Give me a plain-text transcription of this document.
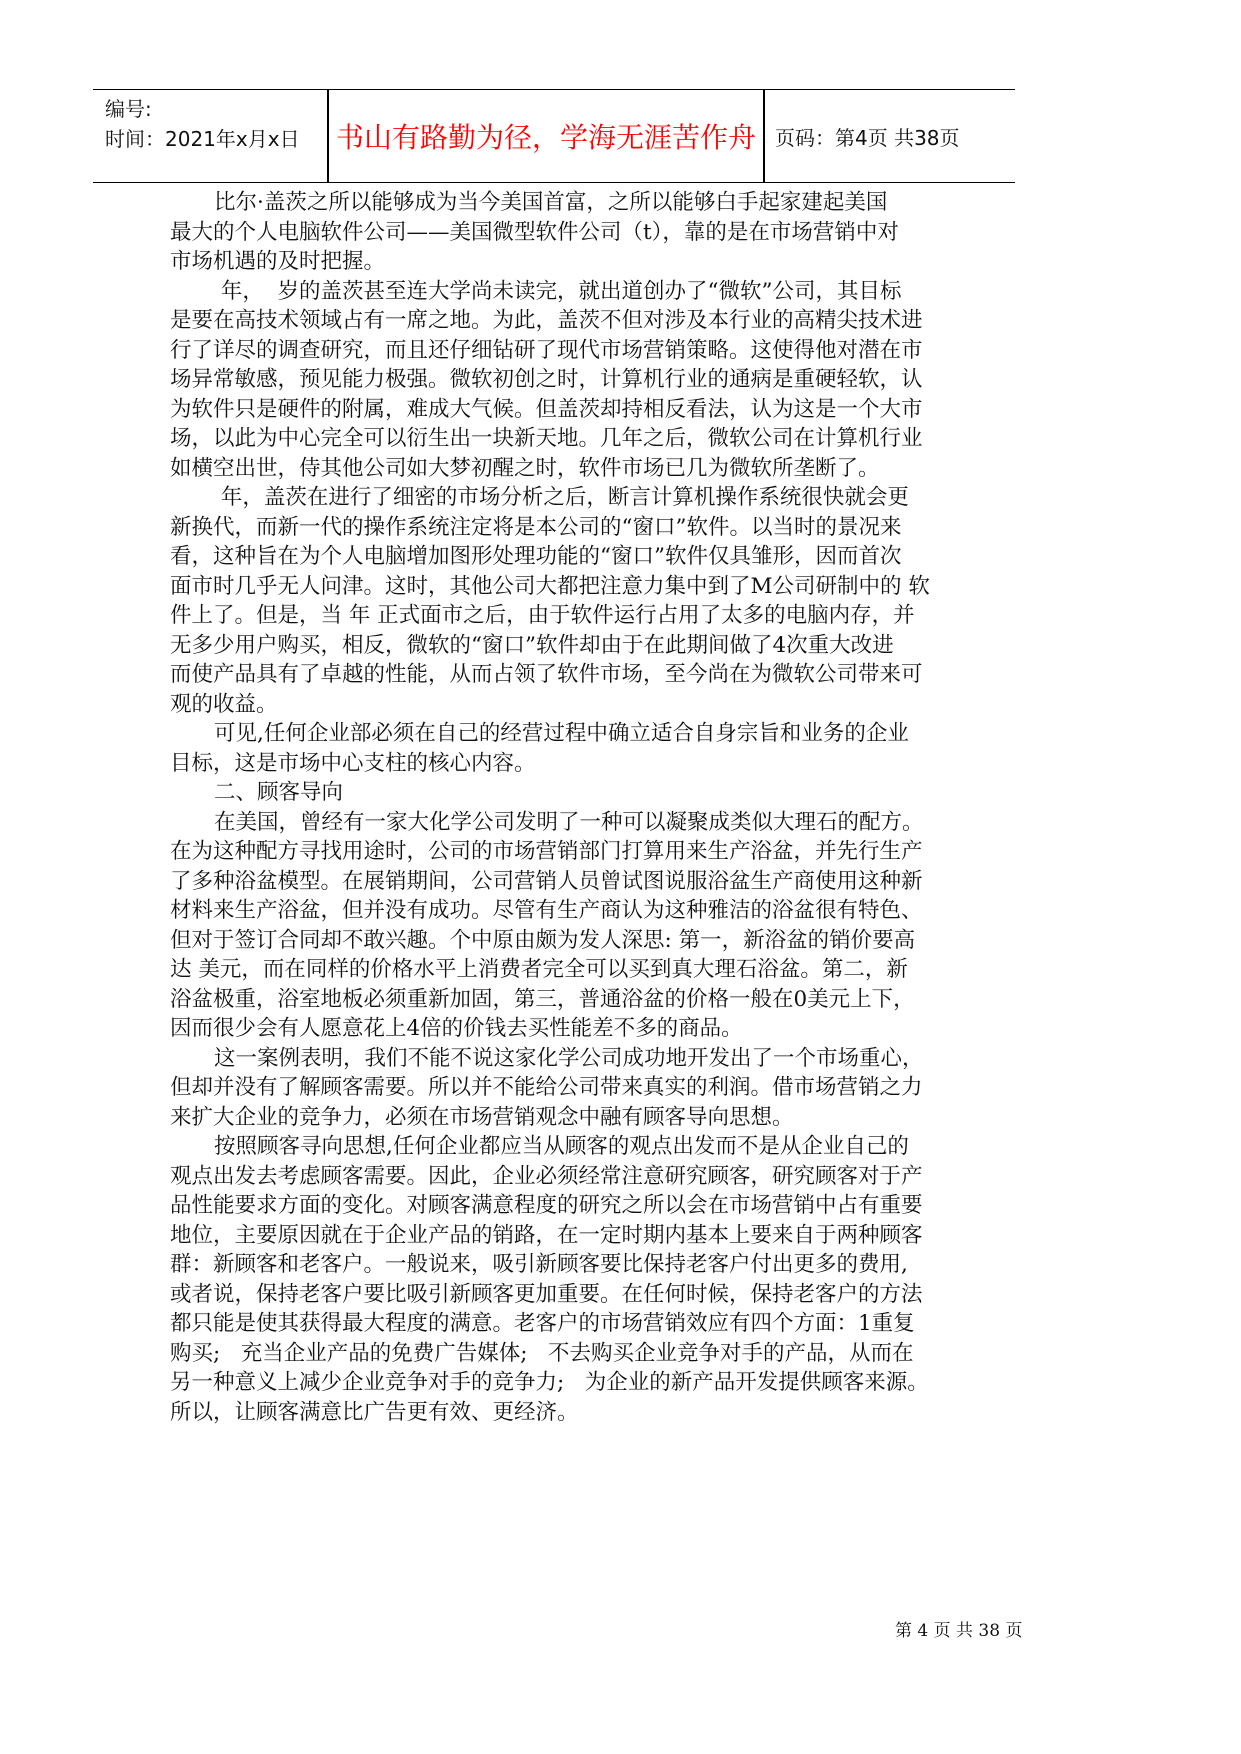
编号:
时间：2021年x月x日 书山有路勤为径，学海无涯苦作舟 页码：第4页 共38页
比尔·盖茨之所以能够成为当今美国首富，之所以能够白手起家建起美国
最大的个人电脑软件公司——美国微型软件公司（t），靠的是在市场营销中对
市场机遇的及时把握。
年，  岁的盖茨甚至连大学尚未读完，就出道创办了“微软”公司，其目标
是要在高技术领域占有一席之地。为此，盖茨不但对涉及本行业的高精尖技术进
行了详尽的调查研究，而且还仔细钻研了现代市场营销策略。这使得他对潜在市
场异常敏感，预见能力极强。微软初创之时，计算机行业的通病是重硬轻软，认
为软件只是硬件的附属，难成大气候。但盖茨却持相反看法，认为这是一个大市
场，以此为中心完全可以衍生出一块新天地。几年之后，微软公司在计算机行业
如横空出世，侍其他公司如大梦初醒之时，软件市场已几为微软所垄断了。
年，盖茨在进行了细密的市场分析之后，断言计算机操作系统很快就会更
新换代，而新一代的操作系统注定将是本公司的“窗口”软件。以当时的景况来
看，这种旨在为个人电脑增加图形处理功能的“窗口”软件仅具雏形，因而首次
面市时几乎无人问津。这时，其他公司大都把注意力集中到了M公司研制中的 软
件上了。但是，当 年 正式面市之后，由于软件运行占用了太多的电脑内存，并
无多少用户购买，相反，微软的“窗口”软件却由于在此期间做了4次重大改进
而使产品具有了卓越的性能，从而占领了软件市场，至今尚在为微软公司带来可
观的收益。
可见,任何企业部必须在自己的经营过程中确立适合自身宗旨和业务的企业
目标，这是市场中心支柱的核心内容。
二、顾客导向
在美国，曾经有一家大化学公司发明了一种可以凝聚成类似大理石的配方。
在为这种配方寻找用途时，公司的市场营销部门打算用来生产浴盆，并先行生产
了多种浴盆模型。在展销期间，公司营销人员曾试图说服浴盆生产商使用这种新
材料来生产浴盆，但并没有成功。尽管有生产商认为这种雅洁的浴盆很有特色、
但对于签订合同却不敢兴趣。个中原由颇为发人深思: 第一，新浴盆的销价要高
达 美元，而在同样的价格水平上消费者完全可以买到真大理石浴盆。第二，新
浴盆极重，浴室地板必须重新加固，第三，普通浴盆的价格一般在0美元上下，
因而很少会有人愿意花上4倍的价钱去买性能差不多的商品。
这一案例表明，我们不能不说这家化学公司成功地开发出了一个市场重心，
但却并没有了解顾客需要。所以并不能给公司带来真实的利润。借市场营销之力
来扩大企业的竞争力，必须在市场营销观念中融有顾客导向思想。
按照顾客寻向思想,任何企业都应当从顾客的观点出发而不是从企业自己的
观点出发去考虑顾客需要。因此，企业必须经常注意研究顾客，研究顾客对于产
品性能要求方面的变化。对顾客满意程度的研究之所以会在市场营销中占有重要
地位，主要原因就在于企业产品的销路，在一定时期内基本上要来自于两种顾客
群：新顾客和老客户。一般说来，吸引新顾客要比保持老客户付出更多的费用,
或者说，保持老客户要比吸引新顾客更加重要。在任何时候，保持老客户的方法
都只能是使其获得最大程度的满意。老客户的市场营销效应有四个方面：1重复
购买;   充当企业产品的免费广告媒体;   不去购买企业竞争对手的产品，从而在
另一种意义上减少企业竞争对手的竞争力;   为企业的新产品开发提供顾客来源。
所以，让顾客满意比广告更有效、更经济。
第 4 页 共 38 页
